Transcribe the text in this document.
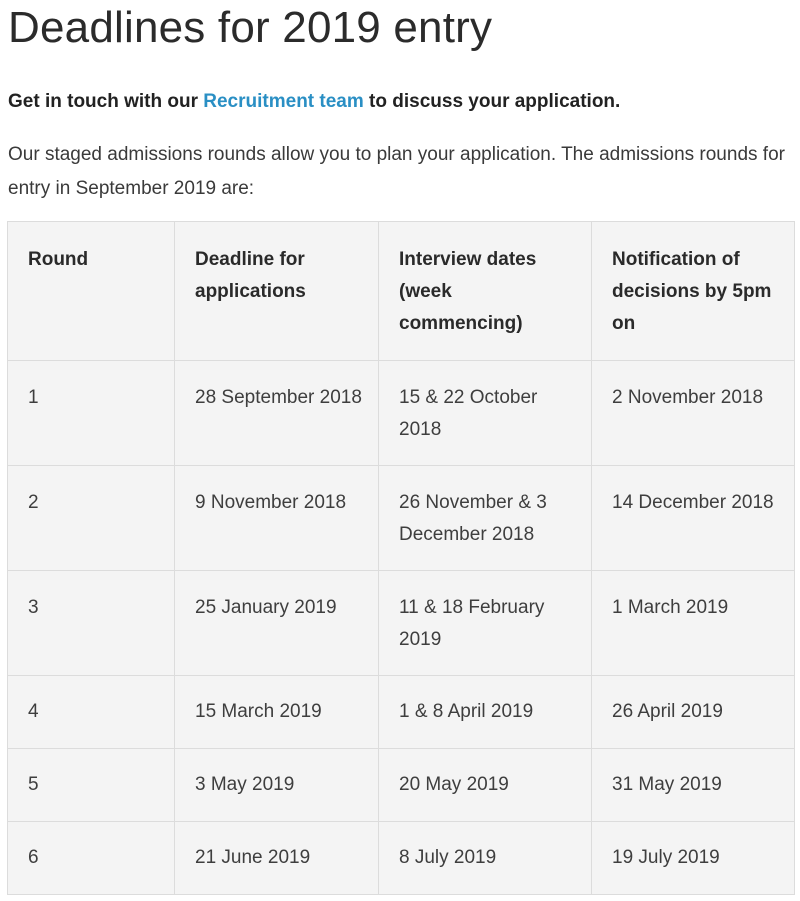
Deadlines for 2019 entry

Get in touch with our Recruitment team to discuss your application.

Our staged admissions rounds allow you to plan your application. The admissions rounds for entry in September 2019 are:

Round	Deadline for applications	Interview dates (week commencing)	Notification of decisions by 5pm on
1	28 September 2018	15 & 22 October 2018	2 November 2018
2	9 November 2018	26 November & 3 December 2018	14 December 2018
3	25 January 2019	11 & 18 February 2019	1 March 2019
4	15 March 2019	1 & 8 April 2019	26 April 2019
5	3 May 2019	20 May 2019	31 May 2019
6	21 June 2019	8 July 2019	19 July 2019
